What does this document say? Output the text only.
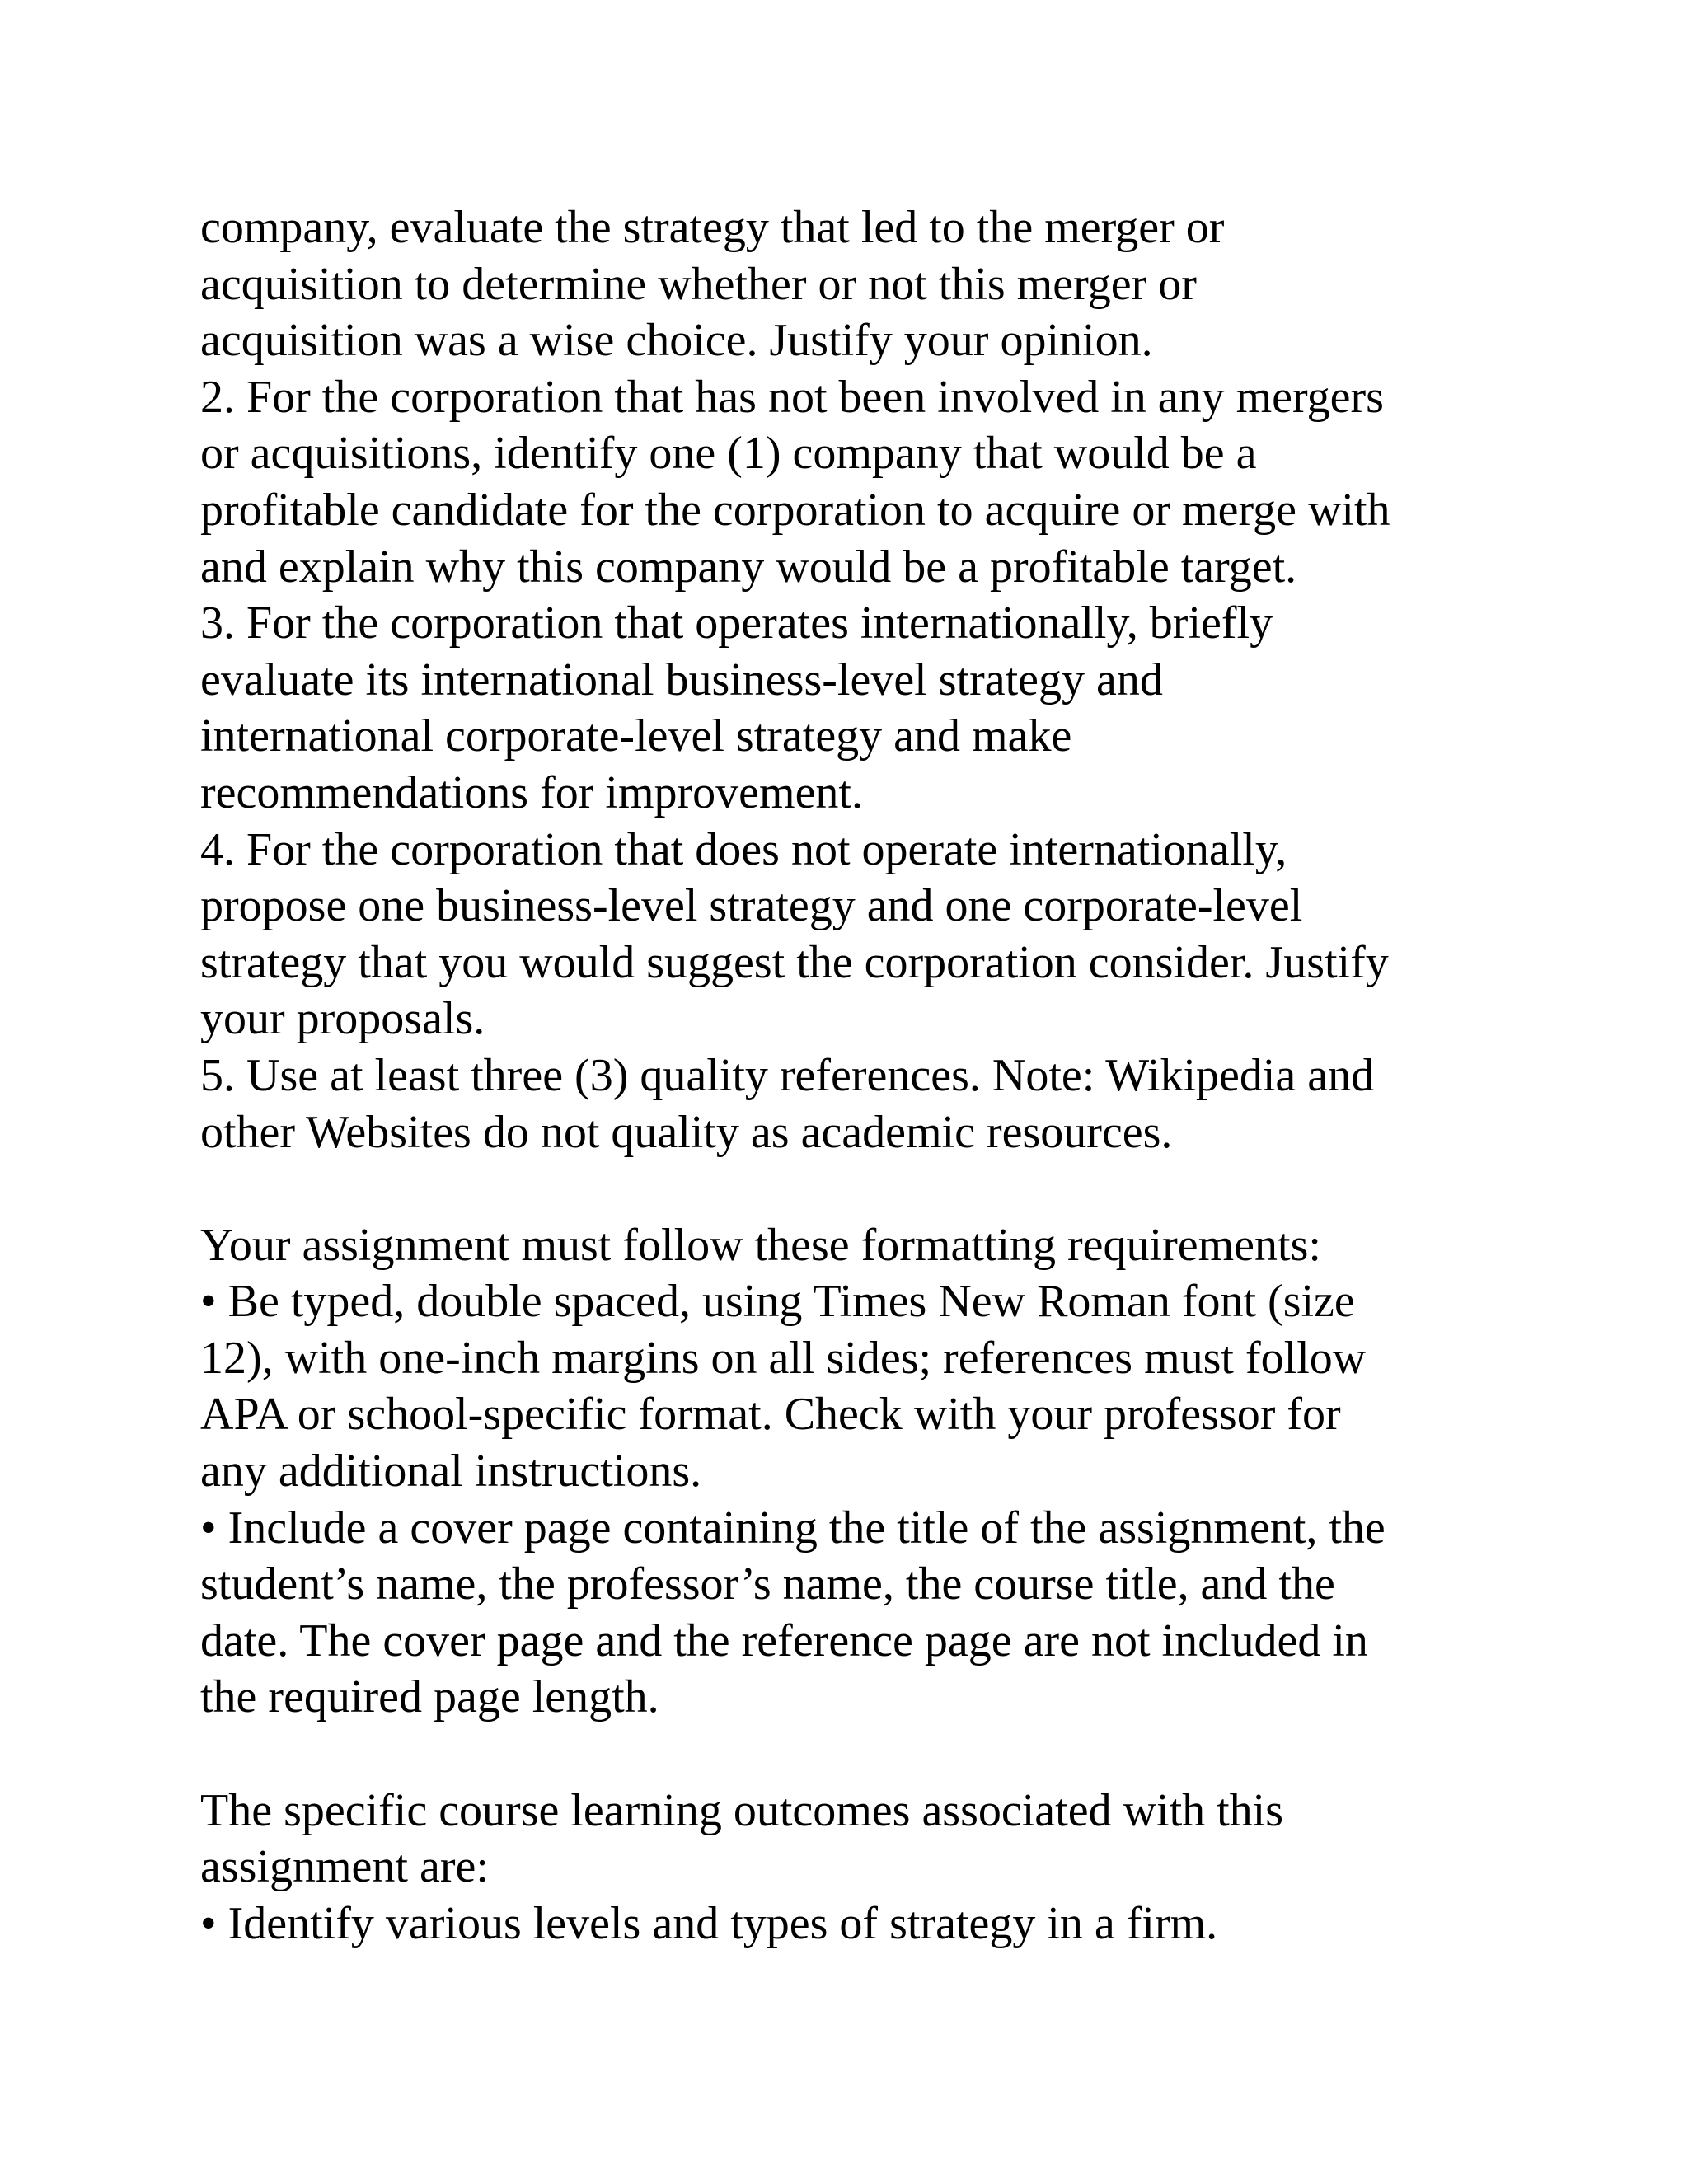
company, evaluate the strategy that led to the merger or
acquisition to determine whether or not this merger or
acquisition was a wise choice. Justify your opinion.
2. For the corporation that has not been involved in any mergers
or acquisitions, identify one (1) company that would be a
profitable candidate for the corporation to acquire or merge with
and explain why this company would be a profitable target.
3. For the corporation that operates internationally, briefly
evaluate its international business-level strategy and
international corporate-level strategy and make
recommendations for improvement.
4. For the corporation that does not operate internationally,
propose one business-level strategy and one corporate-level
strategy that you would suggest the corporation consider. Justify
your proposals.
5. Use at least three (3) quality references. Note: Wikipedia and
other Websites do not quality as academic resources.
Your assignment must follow these formatting requirements:
• Be typed, double spaced, using Times New Roman font (size
12), with one-inch margins on all sides; references must follow
APA or school-specific format. Check with your professor for
any additional instructions.
• Include a cover page containing the title of the assignment, the
student’s name, the professor’s name, the course title, and the
date. The cover page and the reference page are not included in
the required page length.
The specific course learning outcomes associated with this
assignment are:
• Identify various levels and types of strategy in a firm.
